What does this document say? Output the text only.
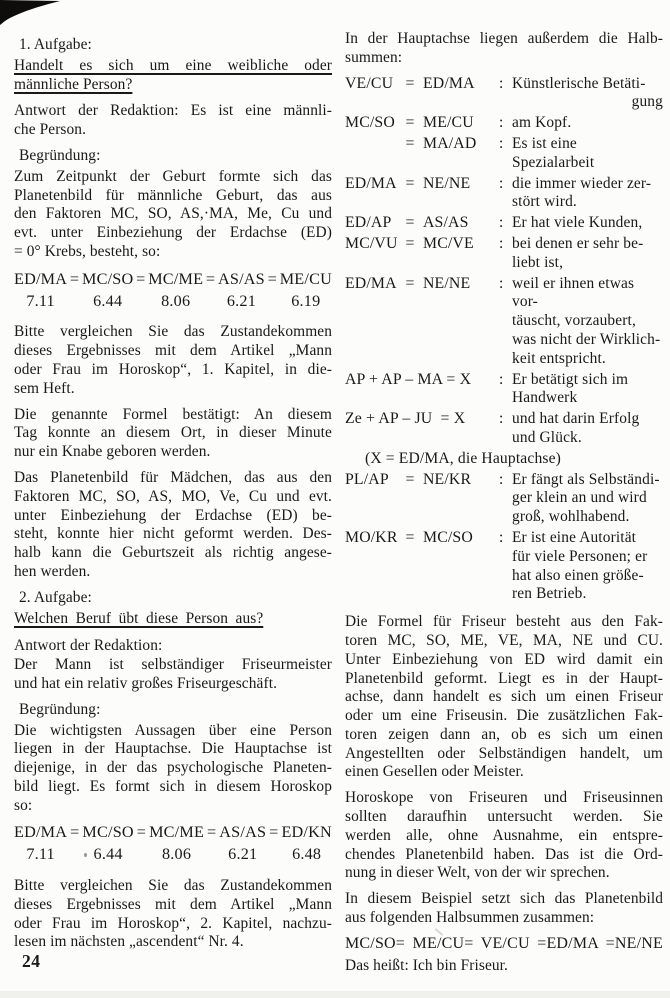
1. Aufgabe:
Handelt es sich um eine weibliche oder
männliche Person?
Antwort der Redaktion: Es ist eine männli-
che Person.
Begründung:
Zum Zeitpunkt der Geburt formte sich das
Planetenbild für männliche Geburt, das aus
den Faktoren MC, SO, AS,·MA, Me, Cu und
evt. unter Einbeziehung der Erdachse (ED)
= 0° Krebs, besteht, so:
ED/MA = MC/SO = MC/ME = AS/AS = ME/CU
7.11 6.44 8.06 6.21 6.19
Bitte vergleichen Sie das Zustandekommen
dieses Ergebnisses mit dem Artikel „Mann
oder Frau im Horoskop“, 1. Kapitel, in die-
sem Heft.
Die genannte Formel bestätigt: An diesem
Tag konnte an diesem Ort, in dieser Minute
nur ein Knabe geboren werden.
Das Planetenbild für Mädchen, das aus den
Faktoren MC, SO, AS, MO, Ve, Cu und evt.
unter Einbeziehung der Erdachse (ED) be-
steht, konnte hier nicht geformt werden. Des-
halb kann die Geburtszeit als richtig angese-
hen werden.
2. Aufgabe:
Welchen Beruf übt diese Person aus?
Antwort der Redaktion:
Der Mann ist selbständiger Friseurmeister
und hat ein relativ großes Friseurgeschäft.
Begründung:
Die wichtigsten Aussagen über eine Person
liegen in der Hauptachse. Die Hauptachse ist
diejenige, in der das psychologische Planeten-
bild liegt. Es formt sich in diesem Horoskop
so:
ED/MA = MC/SO = MC/ME = AS/AS = ED/KN
7.11 6.44 8.06 6.21 6.48
Bitte vergleichen Sie das Zustandekommen
dieses Ergebnisses mit dem Artikel „Mann
oder Frau im Horoskop“, 2. Kapitel, nachzu-
lesen im nächsten „ascendent“ Nr. 4.
In der Hauptachse liegen außerdem die Halb-
summen:
VE/CU = ED/MA	: Künstlerische Betäti-
gung
MC/SO = ME/CU	: am Kopf.
= MA/AD	: Es ist eine Spezialarbeit
ED/MA = NE/NE	: die immer wieder zer-
stört wird.
ED/AP = AS/AS	: Er hat viele Kunden,
MC/VU = MC/VE	: bei denen er sehr be-
liebt ist,
ED/MA = NE/NE	: weil er ihnen etwas vor-
täuscht, vorzaubert,
was nicht der Wirklich-
keit entspricht.
AP + AP – MA = X	: Er betätigt sich im
Handwerk
Ze + AP – JU  = X	: und hat darin Erfolg
und Glück.
(X = ED/MA, die Hauptachse)
PL/AP	= NE/KR	: Er fängt als Selbständi-
ger klein an und wird
groß, wohlhabend.
MO/KR = MC/SO	: Er ist eine Autorität
für viele Personen; er
hat also einen größe-
ren Betrieb.
Die Formel für Friseur besteht aus den Fak-
toren MC, SO, ME, VE, MA, NE und CU.
Unter Einbeziehung von ED wird damit ein
Planetenbild geformt. Liegt es in der Haupt-
achse, dann handelt es sich um einen Friseur
oder um eine Friseusin. Die zusätzlichen Fak-
toren zeigen dann an, ob es sich um einen
Angestellten oder Selbständigen handelt, um
einen Gesellen oder Meister.
Horoskope von Friseuren und Friseusinnen
sollten daraufhin untersucht werden. Sie
werden alle, ohne Ausnahme, ein entspre-
chendes Planetenbild haben. Das ist die Ord-
nung in dieser Welt, von der wir sprechen.
In diesem Beispiel setzt sich das Planetenbild
aus folgenden Halbsummen zusammen:
MC/SO= ME/CU= VE/CU =ED/MA =NE/NE
Das heißt: Ich bin Friseur.
24
